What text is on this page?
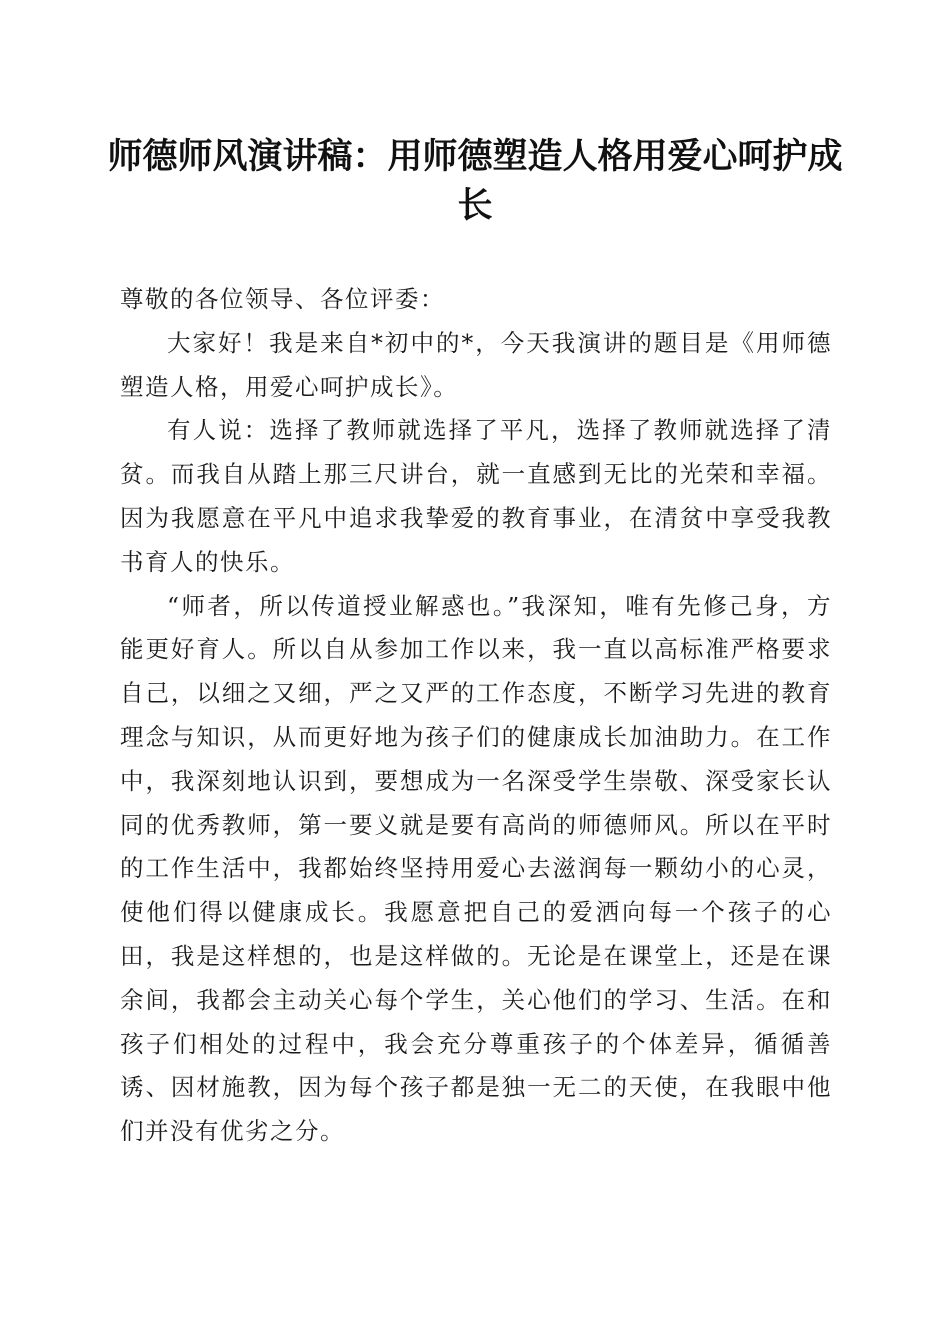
师德师风演讲稿：用师德塑造人格用爱心呵护成长

尊敬的各位领导、各位评委：

大家好！我是来自*初中的*，今天我演讲的题目是《用师德塑造人格，用爱心呵护成长》。

有人说：选择了教师就选择了平凡，选择了教师就选择了清贫。而我自从踏上那三尺讲台，就一直感到无比的光荣和幸福。因为我愿意在平凡中追求我挚爱的教育事业，在清贫中享受我教书育人的快乐。

“师者，所以传道授业解惑也。”我深知，唯有先修己身，方能更好育人。所以自从参加工作以来，我一直以高标准严格要求自己，以细之又细，严之又严的工作态度，不断学习先进的教育理念与知识，从而更好地为孩子们的健康成长加油助力。在工作中，我深刻地认识到，要想成为一名深受学生崇敬、深受家长认同的优秀教师，第一要义就是要有高尚的师德师风。所以在平时的工作生活中，我都始终坚持用爱心去滋润每一颗幼小的心灵，使他们得以健康成长。我愿意把自己的爱洒向每一个孩子的心田，我是这样想的，也是这样做的。无论是在课堂上，还是在课余间，我都会主动关心每个学生，关心他们的学习、生活。在和孩子们相处的过程中，我会充分尊重孩子的个体差异，循循善诱、因材施教，因为每个孩子都是独一无二的天使，在我眼中他们并没有优劣之分。
